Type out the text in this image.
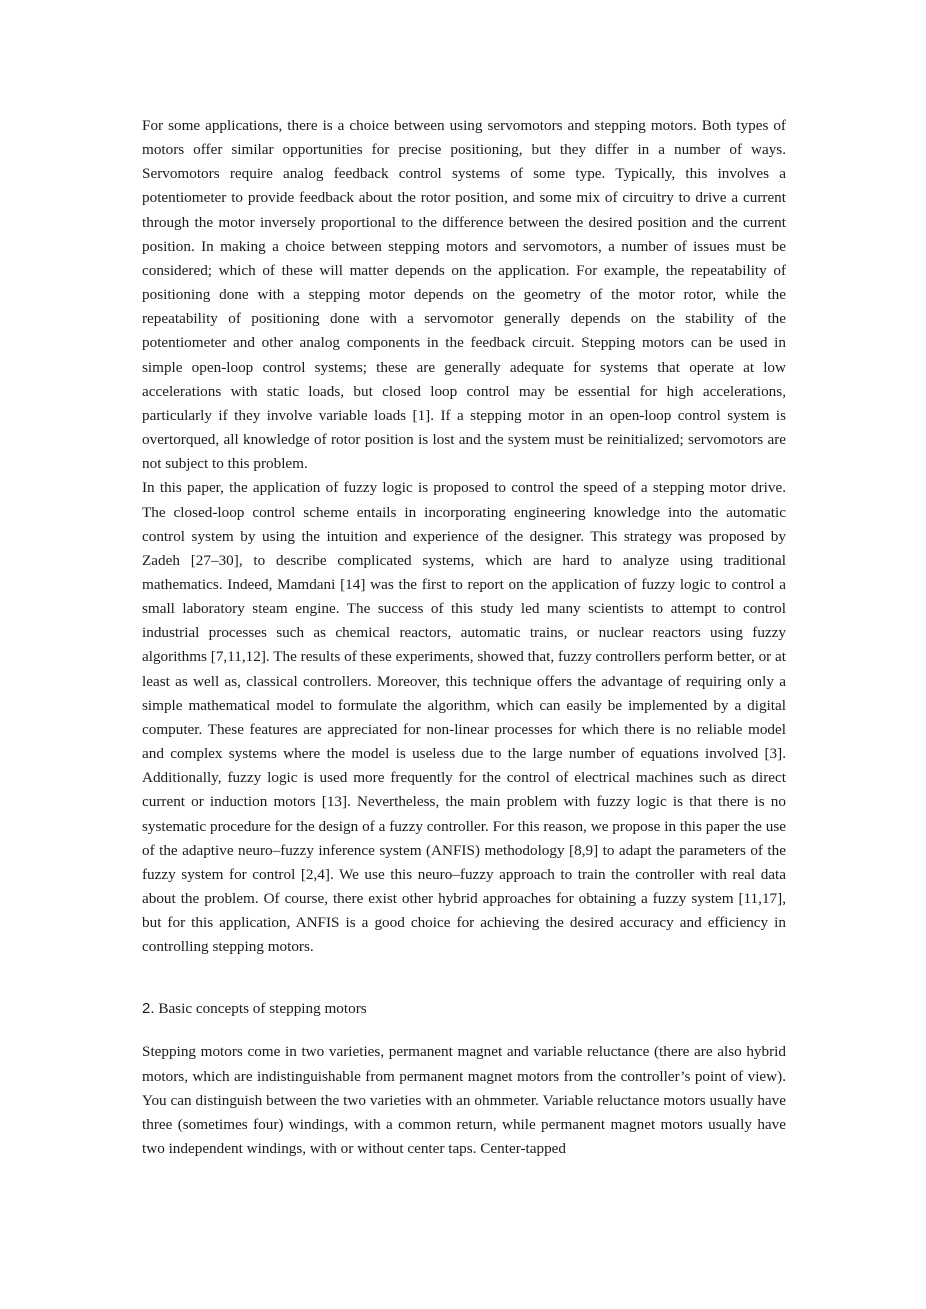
For some applications, there is a choice between using servomotors and stepping motors. Both types of motors offer similar opportunities for precise positioning, but they differ in a number of ways. Servomotors require analog feedback control systems of some type. Typically, this involves a potentiometer to provide feedback about the rotor position, and some mix of circuitry to drive a current through the motor inversely proportional to the difference between the desired position and the current position. In making a choice between stepping motors and servomotors, a number of issues must be considered; which of these will matter depends on the application. For example, the repeatability of positioning done with a stepping motor depends on the geometry of the motor rotor, while the repeatability of positioning done with a servomotor generally depends on the stability of the potentiometer and other analog components in the feedback circuit. Stepping motors can be used in simple open-loop control systems; these are generally adequate for systems that operate at low accelerations with static loads, but closed loop control may be essential for high accelerations, particularly if they involve variable loads [1]. If a stepping motor in an open-loop control system is overtorqued, all knowledge of rotor position is lost and the system must be reinitialized; servomotors are not subject to this problem.

In this paper, the application of fuzzy logic is proposed to control the speed of a stepping motor drive. The closed-loop control scheme entails in incorporating engineering knowledge into the automatic control system by using the intuition and experience of the designer. This strategy was proposed by Zadeh [27–30], to describe complicated systems, which are hard to analyze using traditional mathematics. Indeed, Mamdani [14] was the first to report on the application of fuzzy logic to control a small laboratory steam engine. The success of this study led many scientists to attempt to control industrial processes such as chemical reactors, automatic trains, or nuclear reactors using fuzzy algorithms [7,11,12]. The results of these experiments, showed that, fuzzy controllers perform better, or at least as well as, classical controllers. Moreover, this technique offers the advantage of requiring only a simple mathematical model to formulate the algorithm, which can easily be implemented by a digital computer. These features are appreciated for non-linear processes for which there is no reliable model and complex systems where the model is useless due to the large number of equations involved [3]. Additionally, fuzzy logic is used more frequently for the control of electrical machines such as direct current or induction motors [13]. Nevertheless, the main problem with fuzzy logic is that there is no systematic procedure for the design of a fuzzy controller. For this reason, we propose in this paper the use of the adaptive neuro–fuzzy inference system (ANFIS) methodology [8,9] to adapt the parameters of the fuzzy system for control [2,4]. We use this neuro–fuzzy approach to train the controller with real data about the problem. Of course, there exist other hybrid approaches for obtaining a fuzzy system [11,17], but for this application, ANFIS is a good choice for achieving the desired accuracy and efficiency in controlling stepping motors.

2. Basic concepts of stepping motors

Stepping motors come in two varieties, permanent magnet and variable reluctance (there are also hybrid motors, which are indistinguishable from permanent magnet motors from the controller’s point of view). You can distinguish between the two varieties with an ohmmeter. Variable reluctance motors usually have three (sometimes four) windings, with a common return, while permanent magnet motors usually have two independent windings, with or without center taps. Center-tapped
